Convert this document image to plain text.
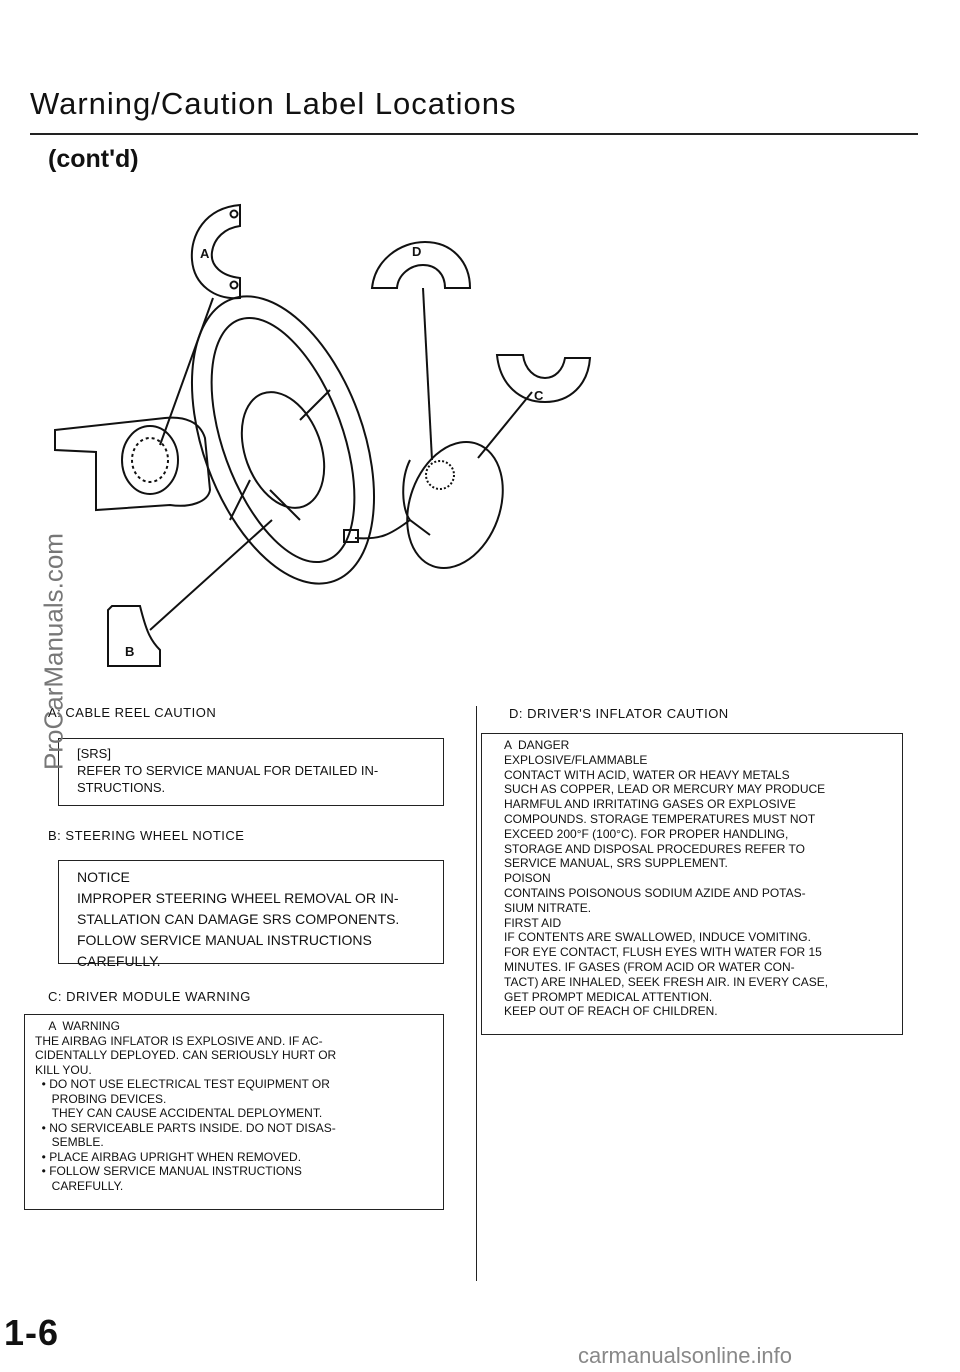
Warning/Caution Label Locations
(cont'd)
A
B
C
D
A: CABLE REEL CAUTION
[SRS]
REFER TO SERVICE MANUAL FOR DETAILED IN-
STRUCTIONS.
B: STEERING WHEEL NOTICE
NOTICE
IMPROPER STEERING WHEEL REMOVAL OR IN-
STALLATION CAN DAMAGE SRS COMPONENTS.
FOLLOW SERVICE MANUAL INSTRUCTIONS
CAREFULLY.
C: DRIVER MODULE WARNING
A  WARNING
THE AIRBAG INFLATOR IS EXPLOSIVE AND. IF AC-
CIDENTALLY DEPLOYED. CAN SERIOUSLY HURT OR
KILL YOU.
• DO NOT USE ELECTRICAL TEST EQUIPMENT OR
PROBING DEVICES.
THEY CAN CAUSE ACCIDENTAL DEPLOYMENT.
• NO SERVICEABLE PARTS INSIDE. DO NOT DISAS-
SEMBLE.
• PLACE AIRBAG UPRIGHT WHEN REMOVED.
• FOLLOW SERVICE MANUAL INSTRUCTIONS
CAREFULLY.
D: DRIVER'S INFLATOR CAUTION
A  DANGER
EXPLOSIVE/FLAMMABLE
CONTACT WITH ACID, WATER OR HEAVY METALS
SUCH AS COPPER, LEAD OR MERCURY MAY PRODUCE
HARMFUL AND IRRITATING GASES OR EXPLOSIVE
COMPOUNDS. STORAGE TEMPERATURES MUST NOT
EXCEED 200°F (100°C). FOR PROPER HANDLING,
STORAGE AND DISPOSAL PROCEDURES REFER TO
SERVICE MANUAL, SRS SUPPLEMENT.
POISON
CONTAINS POISONOUS SODIUM AZIDE AND POTAS-
SIUM NITRATE.
FIRST AID
IF CONTENTS ARE SWALLOWED, INDUCE VOMITING.
FOR EYE CONTACT, FLUSH EYES WITH WATER FOR 15
MINUTES. IF GASES (FROM ACID OR WATER CON-
TACT) ARE INHALED, SEEK FRESH AIR. IN EVERY CASE,
GET PROMPT MEDICAL ATTENTION.
KEEP OUT OF REACH OF CHILDREN.
ProCarManuals.com
1-6
carmanualsonline.info
